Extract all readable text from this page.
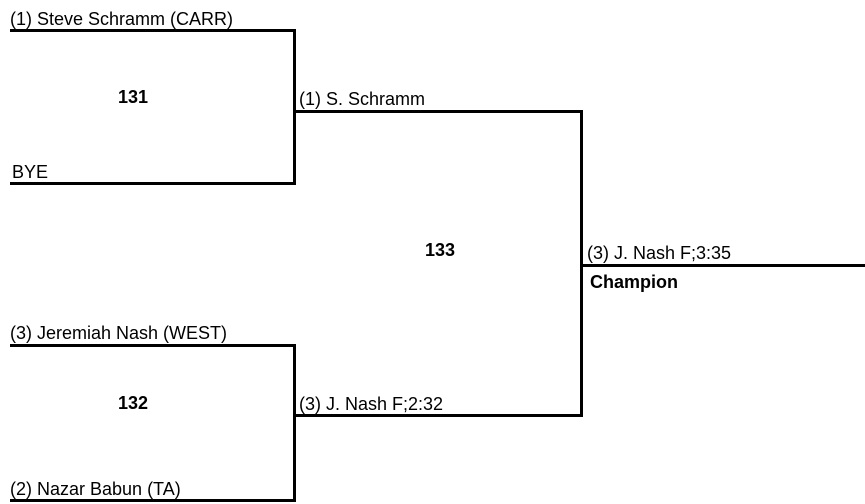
(1) Steve Schramm (CARR)
131
BYE
(3) Jeremiah Nash (WEST)
132
(2) Nazar Babun (TA)
(1) S. Schramm
133
(3) J. Nash F;2:32
(3) J. Nash F;3:35
Champion
